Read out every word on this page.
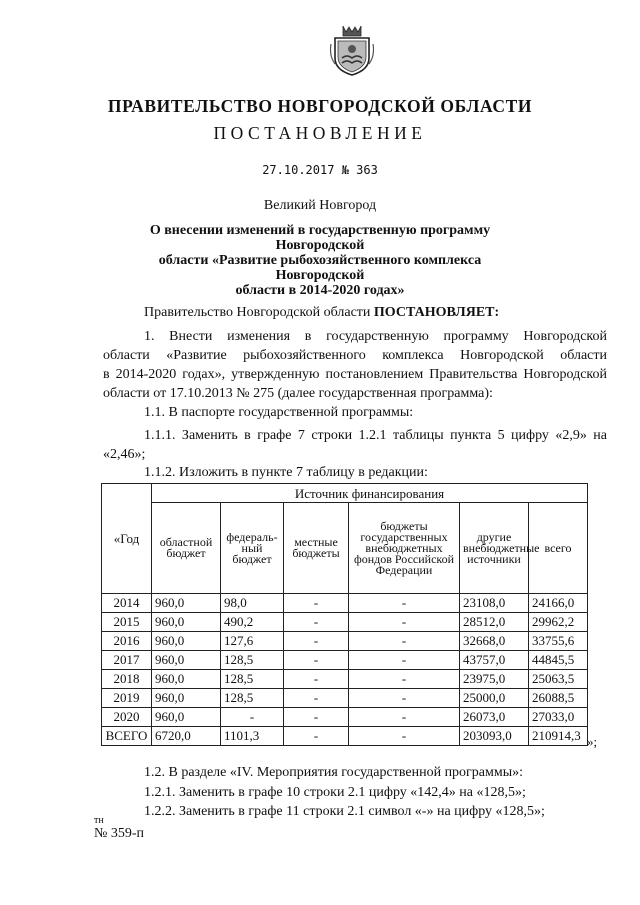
ПРАВИТЕЛЬСТВО НОВГОРОДСКОЙ ОБЛАСТИ
ПОСТАНОВЛЕНИЕ
27.10.2017 № 363
Великий Новгород
О внесении изменений в государственную программу Новгородской
области «Развитие рыбохозяйственного комплекса Новгородской
области в 2014-2020 годах»
Правительство Новгородской области ПОСТАНОВЛЯЕТ:
1. Внести изменения в государственную программу Новгородской
области «Развитие рыбохозяйственного комплекса Новгородской области
в 2014-2020 годах», утвержденную постановлением Правительства Новгородской
области от 17.10.2013 № 275 (далее государственная программа):
1.1. В паспорте государственной программы:
1.1.1. Заменить в графе 7 строки 1.2.1 таблицы пункта 5 цифру «2,9» на
«2,46»;
1.1.2. Изложить в пункте 7 таблицу в редакции:
«Год	Источник финансирования					
	областной бюджет	федераль-ный бюджет	местные бюджеты	бюджеты государственных внебюджетных фондов Российской Федерации	другие внебюджетные источники	всего
2014	960,0	98,0	-	-	23108,0	24166,0
2015	960,0	490,2	-	-	28512,0	29962,2
2016	960,0	127,6	-	-	32668,0	33755,6
2017	960,0	128,5	-	-	43757,0	44845,5
2018	960,0	128,5	-	-	23975,0	25063,5
2019	960,0	128,5	-	-	25000,0	26088,5
2020	960,0	-	-	-	26073,0	27033,0
ВСЕГО	6720,0	1101,3	-	-	203093,0	210914,3 »;
1.2. В разделе «IV. Мероприятия государственной программы»:
1.2.1. Заменить в графе 10 строки 2.1 цифру «142,4» на «128,5»;
1.2.2. Заменить в графе 11 строки 2.1 символ «-» на цифру «128,5»;
тн
№ 359-п
